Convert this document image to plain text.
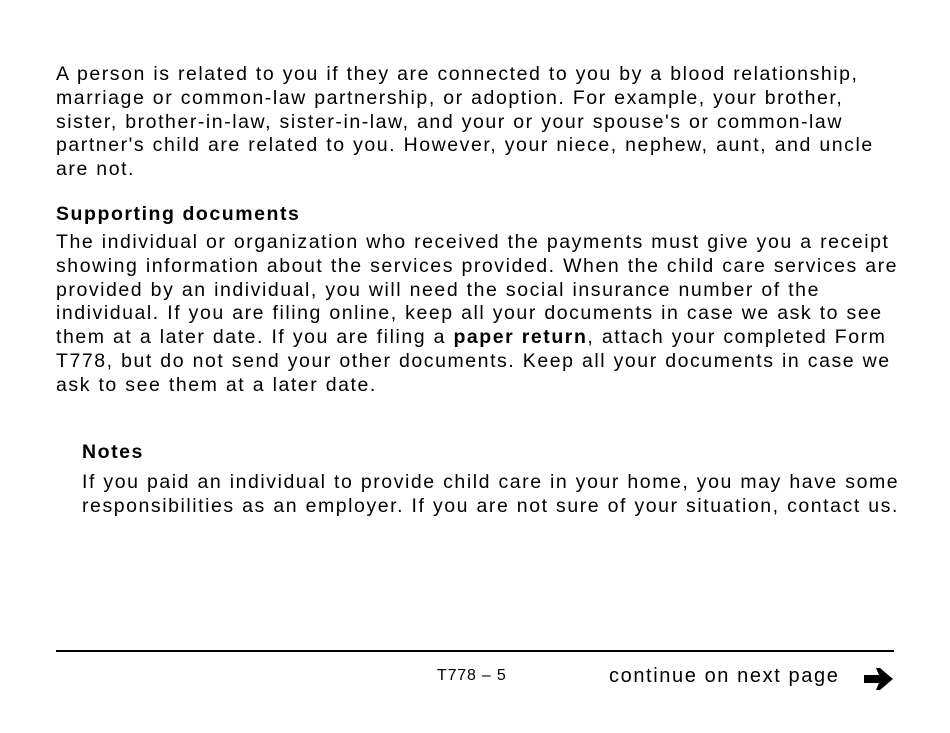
A person is related to you if they are connected to you by a blood relationship, marriage or common-law partnership, or adoption. For example, your brother, sister, brother-in-law, sister-in-law, and your or your spouse's or common-law partner's child are related to you. However, your niece, nephew, aunt, and uncle are not.

Supporting documents

The individual or organization who received the payments must give you a receipt showing information about the services provided. When the child care services are provided by an individual, you will need the social insurance number of the individual. If you are filing online, keep all your documents in case we ask to see them at a later date. If you are filing a paper return, attach your completed Form T778, but do not send your other documents. Keep all your documents in case we ask to see them at a later date.

Notes

If you paid an individual to provide child care in your home, you may have some responsibilities as an employer. If you are not sure of your situation, contact us.

T778 – 5	continue on next page
